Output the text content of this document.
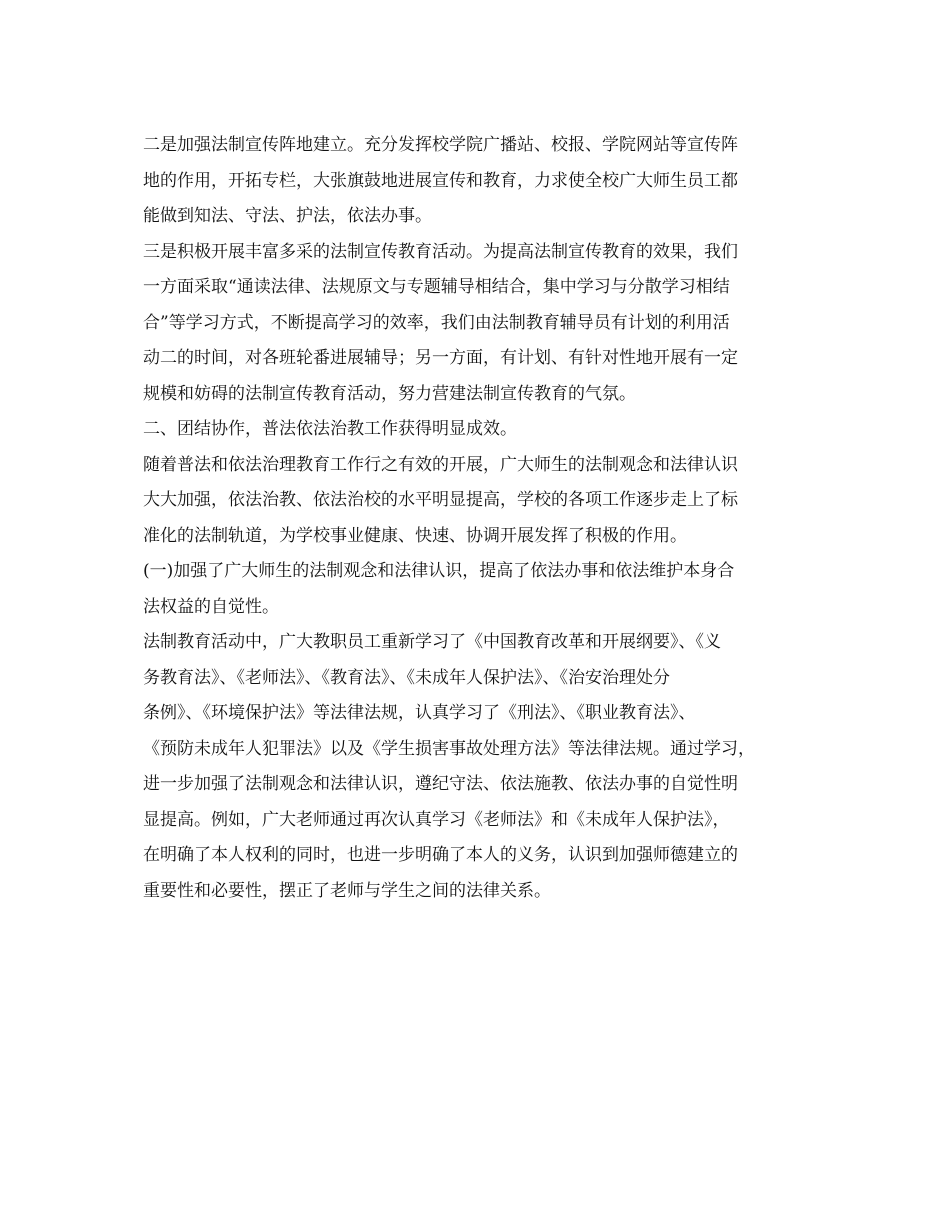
二是加强法制宣传阵地建立。充分发挥校学院广播站、校报、学院网站等宣传阵
地的作用，开拓专栏，大张旗鼓地进展宣传和教育，力求使全校广大师生员工都
能做到知法、守法、护法，依法办事。
三是积极开展丰富多采的法制宣传教育活动。为提高法制宣传教育的效果，我们
一方面采取“通读法律、法规原文与专题辅导相结合，集中学习与分散学习相结
合”等学习方式，不断提高学习的效率，我们由法制教育辅导员有计划的利用活
动二的时间，对各班轮番进展辅导；另一方面，有计划、有针对性地开展有一定
规模和妨碍的法制宣传教育活动，努力营建法制宣传教育的气氛。
二、团结协作，普法依法治教工作获得明显成效。
随着普法和依法治理教育工作行之有效的开展，广大师生的法制观念和法律认识
大大加强，依法治教、依法治校的水平明显提高，学校的各项工作逐步走上了标
准化的法制轨道，为学校事业健康、快速、协调开展发挥了积极的作用。
(一)加强了广大师生的法制观念和法律认识，提高了依法办事和依法维护本身合
法权益的自觉性。
法制教育活动中，广大教职员工重新学习了《中国教育改革和开展纲要》、《义
务教育法》、《老师法》、《教育法》、《未成年人保护法》、《治安治理处分
条例》、《环境保护法》等法律法规，认真学习了《刑法》、《职业教育法》、
《预防未成年人犯罪法》以及《学生损害事故处理方法》等法律法规。通过学习，
进一步加强了法制观念和法律认识，遵纪守法、依法施教、依法办事的自觉性明
显提高。例如，广大老师通过再次认真学习《老师法》和《未成年人保护法》，
在明确了本人权利的同时，也进一步明确了本人的义务，认识到加强师德建立的
重要性和必要性，摆正了老师与学生之间的法律关系。
